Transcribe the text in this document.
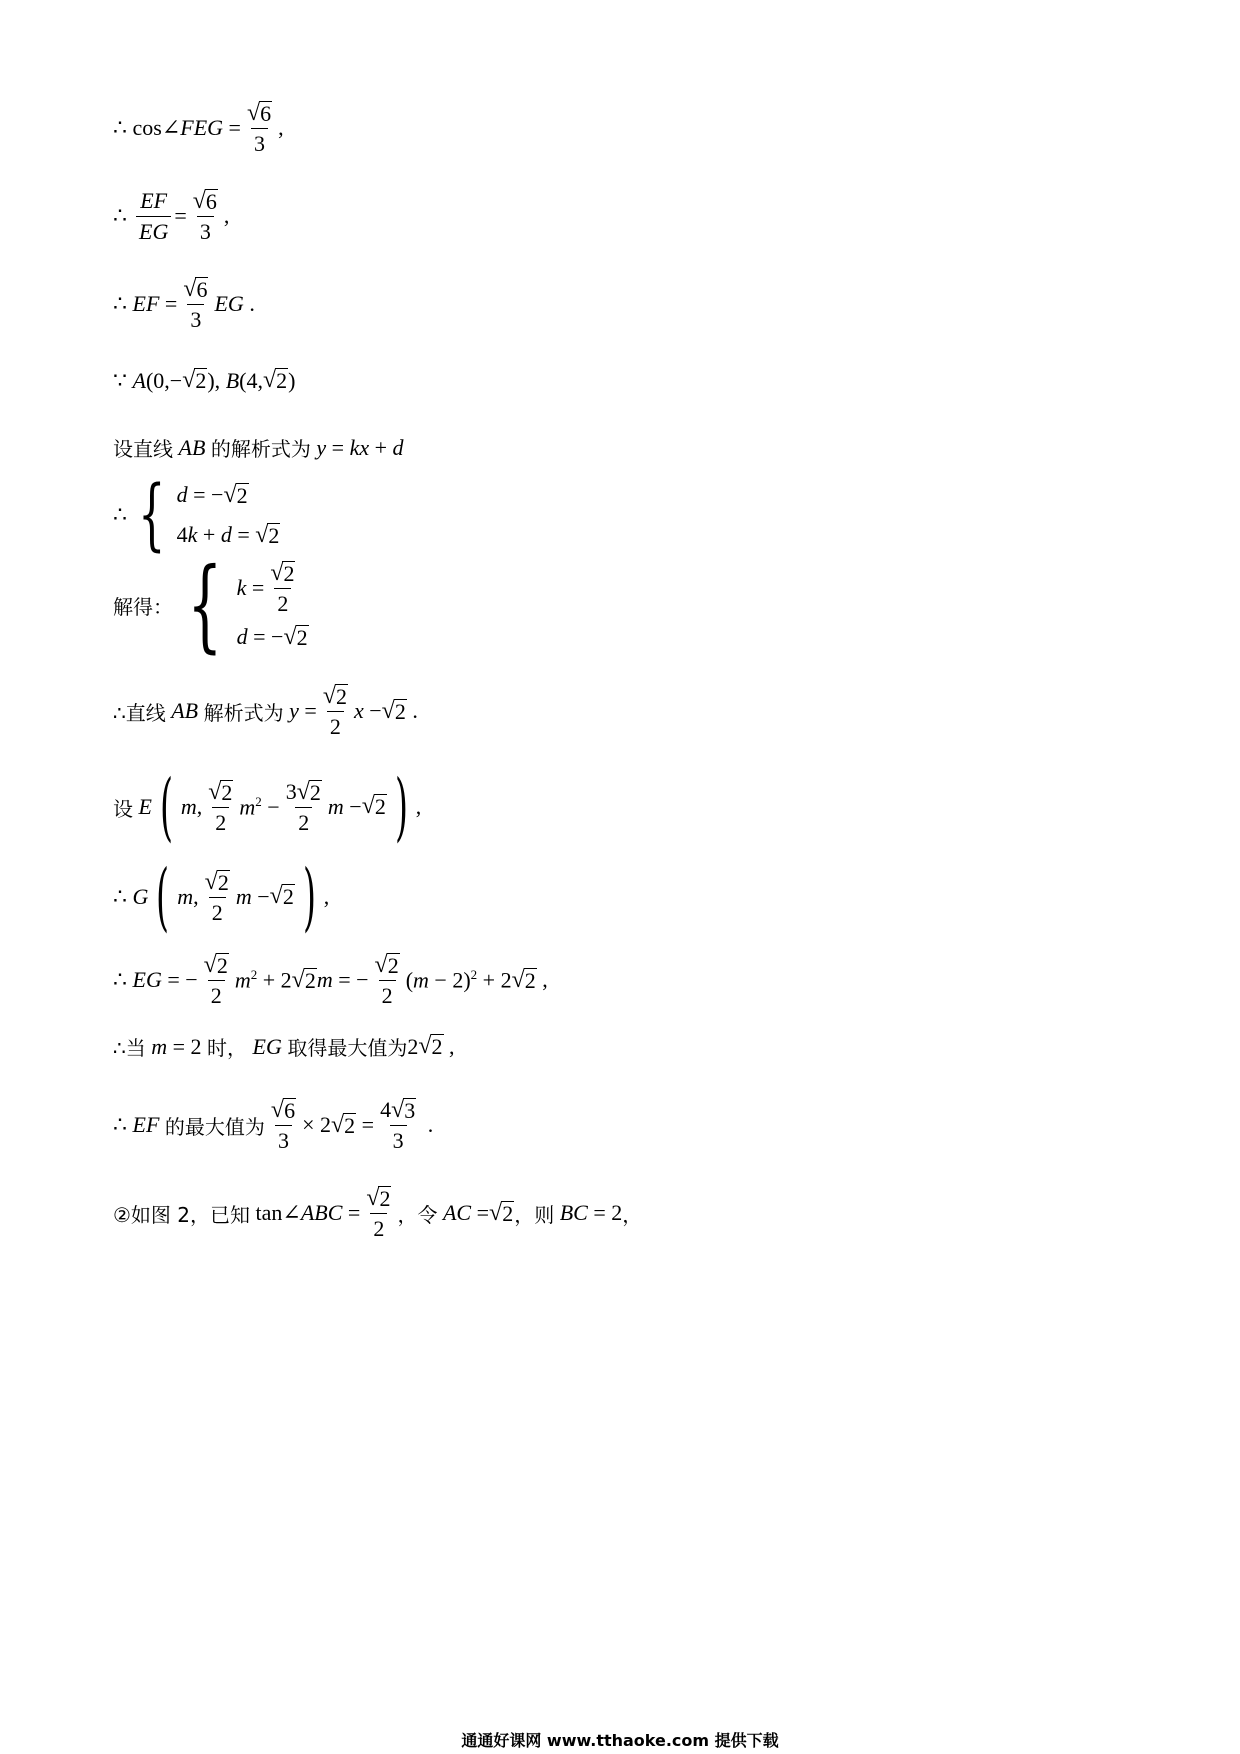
∴ cos∠FEG = $\frac{√ 6}{3}$ ,
∴ $\frac{EF}{EG} = \frac{√ 6}{3}$ ,
∴ EF = $\frac{√ 6}{3}$ EG .
∵ A(0,− √ 2 ), B(4, √ 2 )
设直线 AB 的解析式为 y = kx + d
∴ { d = − √ 2
4k + d = √ 2
解得： { $k = \frac{√ 2}{2}$
d = − √ 2
∴直线 AB 解析式为 $y = \frac{√ 2}{2}$ x − √ 2 .
设 E ( m, $\frac{√ 2}{2} m^2 - \frac{3 √ 2}{2}$ m − √ 2 ) ,
∴ G ( m, $\frac{√ 2}{2}$ m − √ 2 ) ,
∴ EG = − $\frac{√ 2}{2} m^2 + 2$ √ 2 m = − $\frac{√ 2}{2} (m - 2)^2 + 2$ √ 2 ,
∴当 m = 2 时， EG 取得最大值为 2 √ 2 ,
∴ EF 的最大值为 $\frac{√ 6}{3} \times 2$ √ $2 = \frac{4 √ 3}{3}$ .
②如图 2，已知 tan∠ABC = $\frac{√ 2}{2}$ ，令 AC = √ 2 ，则 BC = 2 ，
通通好课网 www.tthaoke.com 提供下载
